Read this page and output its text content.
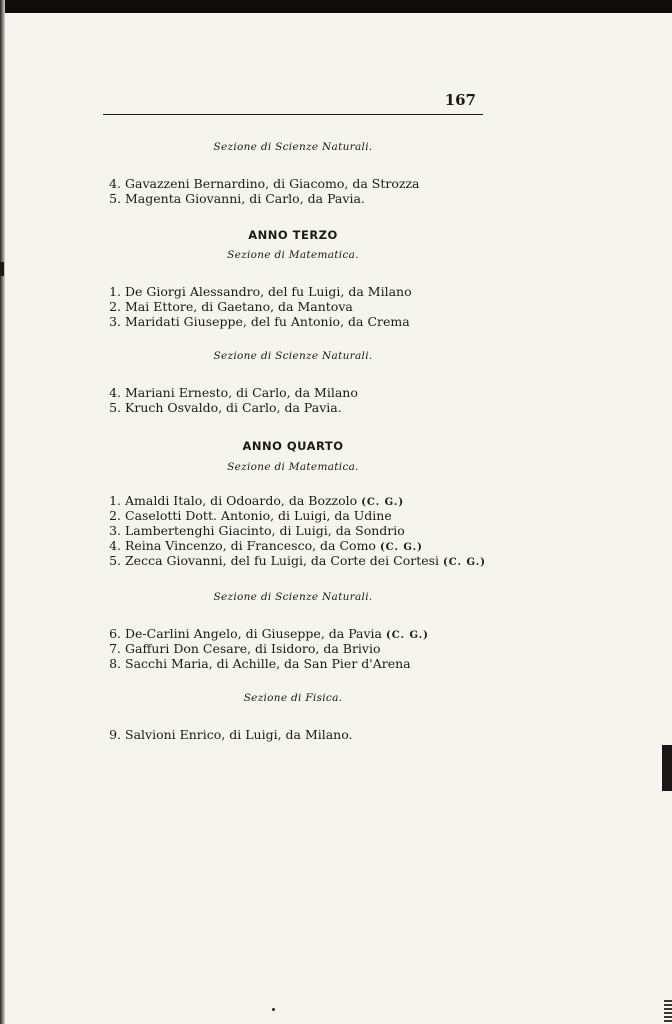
167
Sezione di Scienze Naturali.
4. Gavazzeni Bernardino, di Giacomo, da Strozza
5. Magenta Giovanni, di Carlo, da Pavia.
ANNO TERZO
Sezione di Matematica.
1. De Giorgi Alessandro, del fu Luigi, da Milano
2. Mai Ettore, di Gaetano, da Mantova
3. Maridati Giuseppe, del fu Antonio, da Crema
Sezione di Scienze Naturali.
4. Mariani Ernesto, di Carlo, da Milano
5. Kruch Osvaldo, di Carlo, da Pavia.
ANNO QUARTO
Sezione di Matematica.
1. Amaldi Italo, di Odoardo, da Bozzolo (C. G.)
2. Caselotti Dott. Antonio, di Luigi, da Udine
3. Lambertenghi Giacinto, di Luigi, da Sondrio
4. Reina Vincenzo, di Francesco, da Como (C. G.)
5. Zecca Giovanni, del fu Luigi, da Corte dei Cortesi (C. G.)
Sezione di Scienze Naturali.
6. De-Carlini Angelo, di Giuseppe, da Pavia (C. G.)
7. Gaffuri Don Cesare, di Isidoro, da Brivio
8. Sacchi Maria, di Achille, da San Pier d'Arena
Sezione di Fisica.
9. Salvioni Enrico, di Luigi, da Milano.
